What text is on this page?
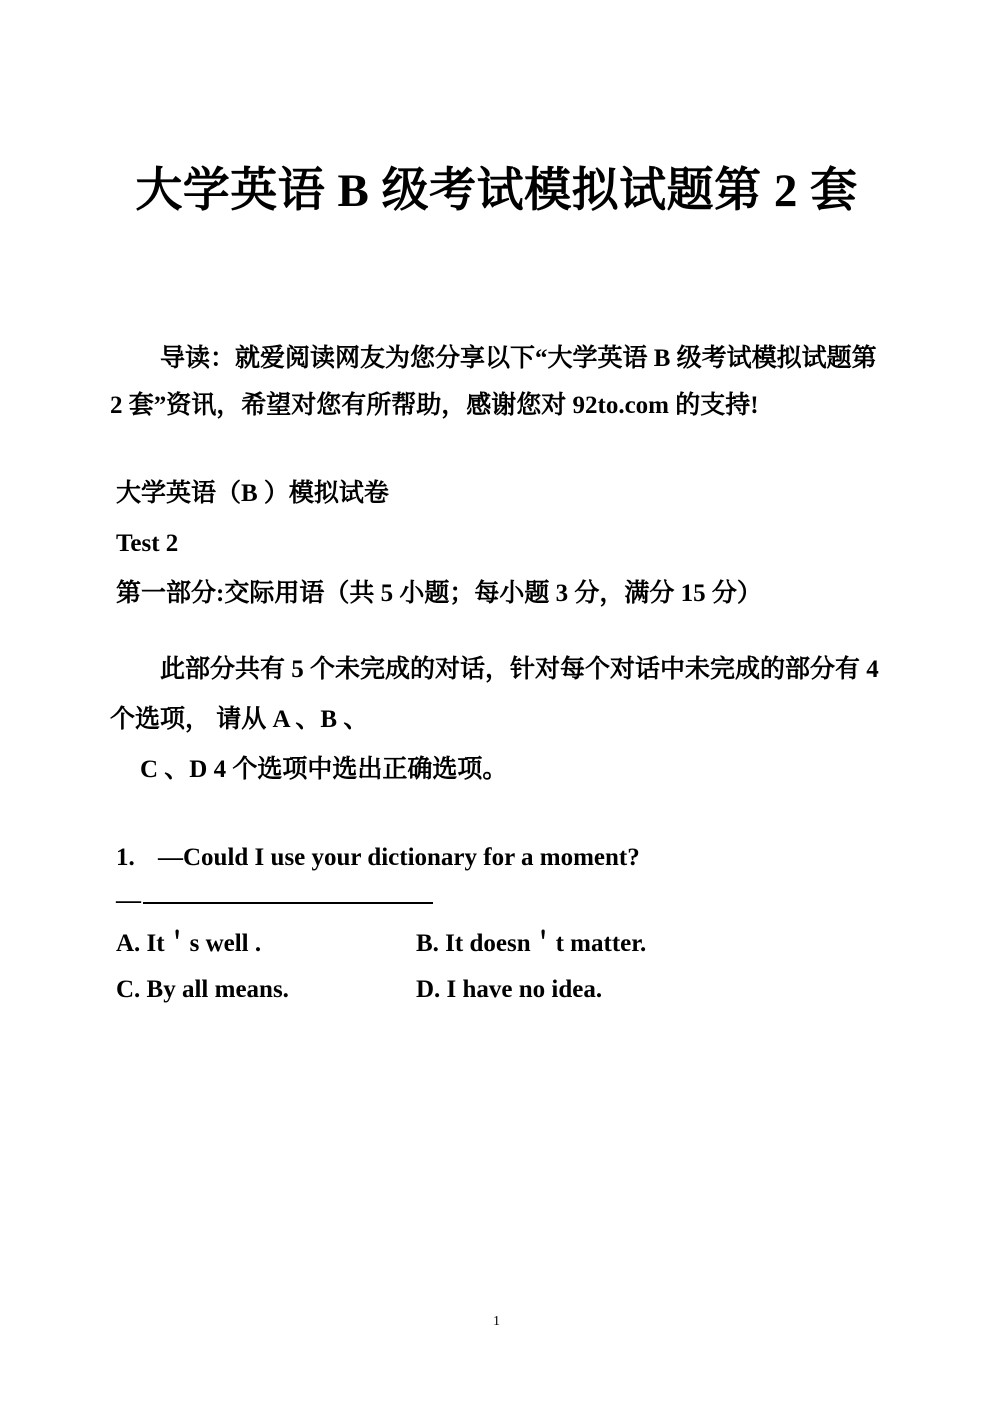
大学英语 B 级考试模拟试题第 2 套

导读：就爱阅读网友为您分享以下“大学英语 B 级考试模拟试题第 2 套”资讯，希望对您有所帮助，感谢您对 92to.com 的支持!

大学英语（B ）模拟试卷
Test 2
第一部分:交际用语（共 5 小题；每小题 3 分，满分 15 分）
此部分共有 5 个未完成的对话，针对每个对话中未完成的部分有 4 个选项， 请从 A 、B 、
C 、D 4 个选项中选出正确选项。
1. —Could I use your dictionary for a moment?
—
A. It＇s well .	B. It doesn＇t matter.
C. By all means.	D. I have no idea.
1
